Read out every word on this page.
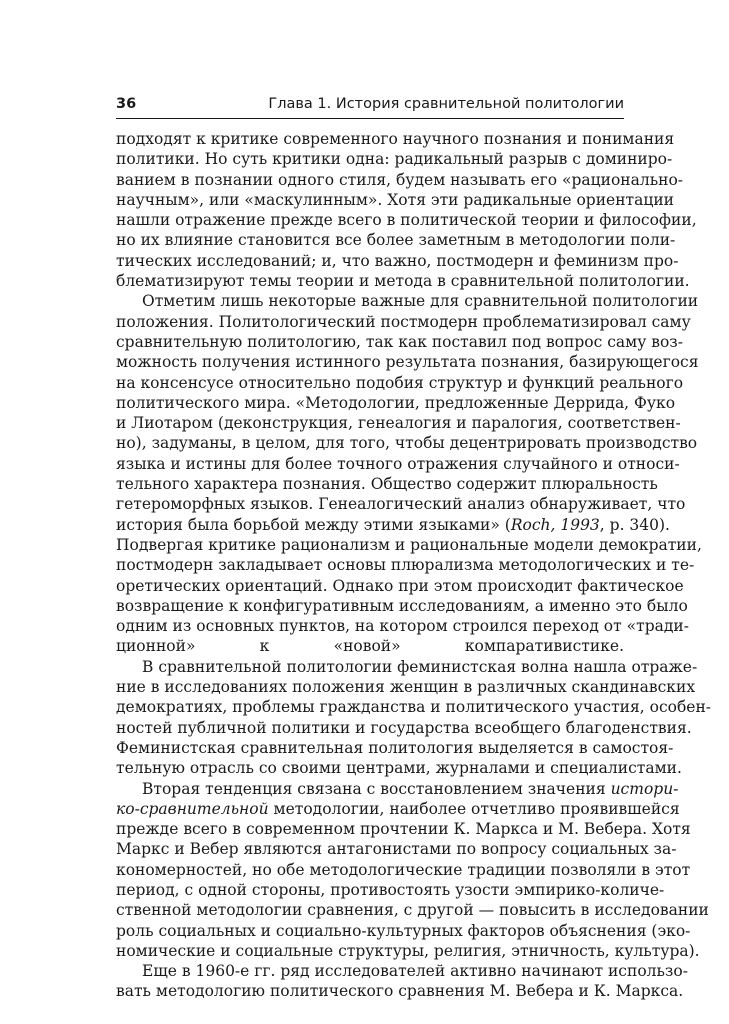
36	Глава 1. История сравнительной политологии
подходят к критике современного научного познания и понимания
политики. Но суть критики одна: радикальный разрыв с доминиро-
ванием в познании одного стиля, будем называть его «рационально-
научным», или «маскулинным». Хотя эти радикальные ориентации
нашли отражение прежде всего в политической теории и философии,
но их влияние становится все более заметным в методологии поли-
тических исследований; и, что важно, постмодерн и феминизм про-
блематизируют темы теории и метода в сравнительной политологии.
Отметим лишь некоторые важные для сравнительной политологии
положения. Политологический постмодерн проблематизировал саму
сравнительную политологию, так как поставил под вопрос саму воз-
можность получения истинного результата познания, базирующегося
на консенсусе относительно подобия структур и функций реального
политического мира. «Методологии, предложенные Деррида, Фуко
и Лиотаром (деконструкция, генеалогия и паралогия, соответствен-
но), задуманы, в целом, для того, чтобы децентрировать производство
языка и истины для более точного отражения случайного и относи-
тельного характера познания. Общество содержит плюральность
гетероморфных языков. Генеалогический анализ обнаруживает, что
история была борьбой между этими языками» (Roch, 1993, р. 340).
Подвергая критике рационализм и рациональные модели демократии,
постмодерн закладывает основы плюрализма методологических и те-
оретических ориентаций. Однако при этом происходит фактическое
возвращение к конфигуративным исследованиям, а именно это было
одним из основных пунктов, на котором строился переход от «тради-
ционной» к «новой» компаративистике.
В сравнительной политологии феминистская волна нашла отраже-
ние в исследованиях положения женщин в различных скандинавских
демократиях, проблемы гражданства и политического участия, особен-
ностей публичной политики и государства всеобщего благоденствия.
Феминистская сравнительная политология выделяется в самостоя-
тельную отрасль со своими центрами, журналами и специалистами.
Вторая тенденция связана с восстановлением значения истори-
ко-сравнительной методологии, наиболее отчетливо проявившейся
прежде всего в современном прочтении К. Маркса и М. Вебера. Хотя
Маркс и Вебер являются антагонистами по вопросу социальных за-
кономерностей, но обе методологические традиции позволяли в этот
период, с одной стороны, противостоять узости эмпирико-количе-
ственной методологии сравнения, с другой — повысить в исследовании
роль социальных и социально-культурных факторов объяснения (эко-
номические и социальные структуры, религия, этничность, культура).
Еще в 1960-е гг. ряд исследователей активно начинают использо-
вать методологию политического сравнения М. Вебера и К. Маркса.
